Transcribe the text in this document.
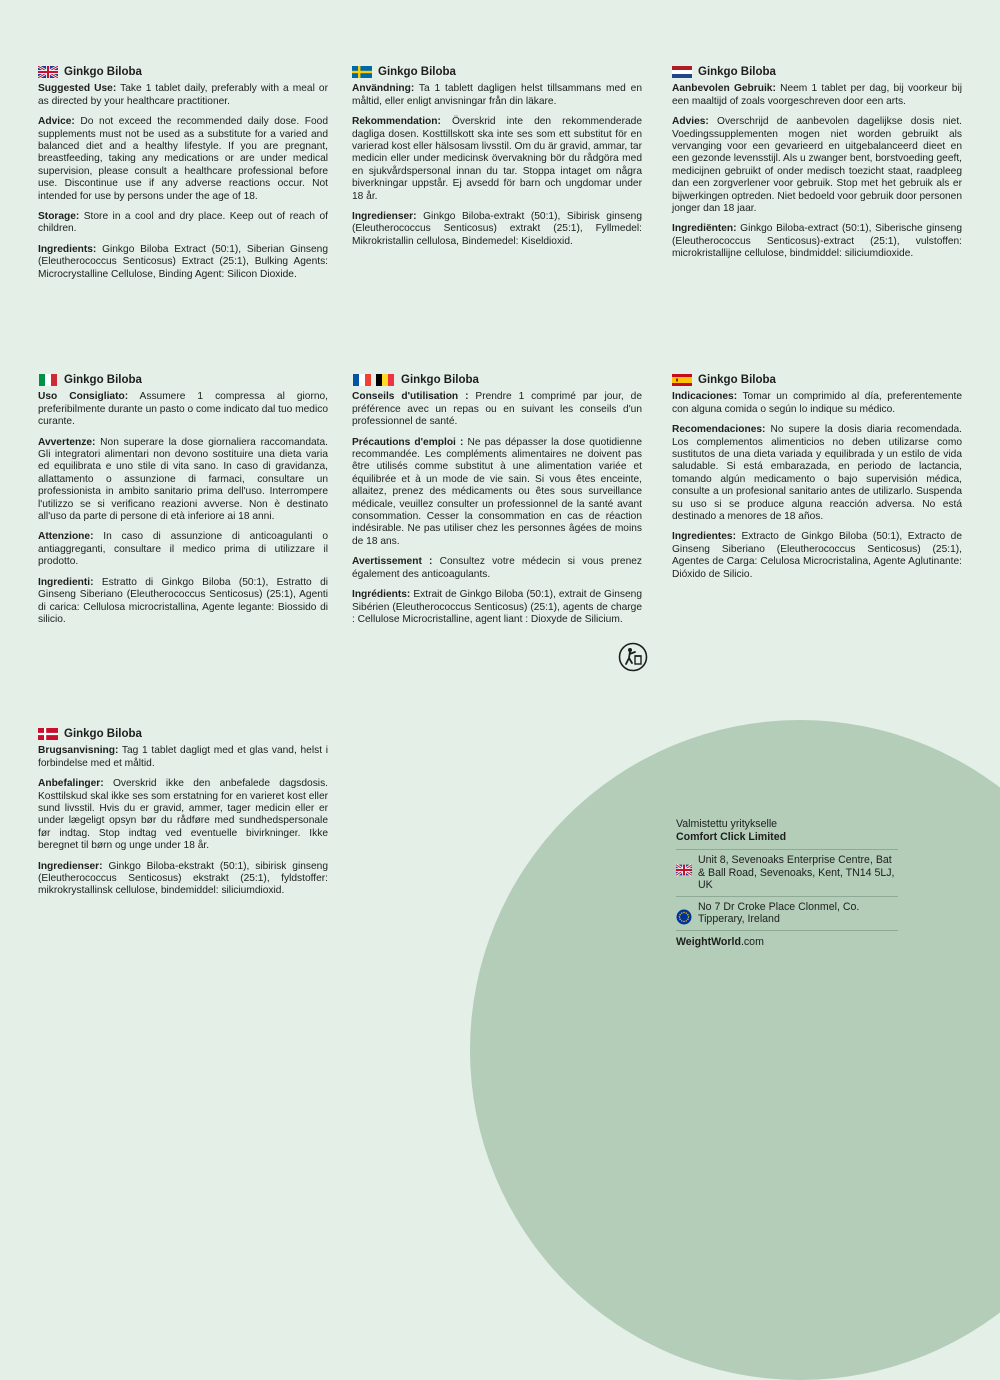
Ginkgo Biloba

Suggested Use: Take 1 tablet daily, preferably with a meal or as directed by your healthcare practitioner.

Advice: Do not exceed the recommended daily dose. Food supplements must not be used as a substitute for a varied and balanced diet and a healthy lifestyle. If you are pregnant, breastfeeding, taking any medications or are under medical supervision, please consult a healthcare professional before use. Discontinue use if any adverse reactions occur. Not intended for use by persons under the age of 18.

Storage: Store in a cool and dry place. Keep out of reach of children.

Ingredients: Ginkgo Biloba Extract (50:1), Siberian Ginseng (Eleutherococcus Senticosus) Extract (25:1), Bulking Agents: Microcrystalline Cellulose, Binding Agent: Silicon Dioxide.

Ginkgo Biloba

Användning: Ta 1 tablett dagligen helst tillsammans med en måltid, eller enligt anvisningar från din läkare.

Rekommendation: Överskrid inte den rekommenderade dagliga dosen. Kosttillskott ska inte ses som ett substitut för en varierad kost eller hälsosam livsstil. Om du är gravid, ammar, tar medicin eller under medicinsk övervakning bör du rådgöra med en sjukvårdspersonal innan du tar. Stoppa intaget om några biverkningar uppstår. Ej avsedd för barn och ungdomar under 18 år.

Ingredienser: Ginkgo Biloba-extrakt (50:1), Sibirisk ginseng (Eleutherococcus Senticosus) extrakt (25:1), Fyllmedel: Mikrokristallin cellulosa, Bindemedel: Kiseldioxid.

Ginkgo Biloba

Aanbevolen Gebruik: Neem 1 tablet per dag, bij voorkeur bij een maaltijd of zoals voorgeschreven door een arts.

Advies: Overschrijd de aanbevolen dagelijkse dosis niet. Voedingssupplementen mogen niet worden gebruikt als vervanging voor een gevarieerd en uitgebalanceerd dieet en een gezonde levensstijl. Als u zwanger bent, borstvoeding geeft, medicijnen gebruikt of onder medisch toezicht staat, raadpleeg dan een zorgverlener voor gebruik. Stop met het gebruik als er bijwerkingen optreden. Niet bedoeld voor gebruik door personen jonger dan 18 jaar.

Ingrediënten: Ginkgo Biloba-extract (50:1), Siberische ginseng (Eleutherococcus Senticosus)-extract (25:1), vulstoffen: microkristallijne cellulose, bindmiddel: siliciumdioxide.

Ginkgo Biloba

Uso Consigliato: Assumere 1 compressa al giorno, preferibilmente durante un pasto o come indicato dal tuo medico curante.

Avvertenze: Non superare la dose giornaliera raccomandata. Gli integratori alimentari non devono sostituire una dieta varia ed equilibrata e uno stile di vita sano. In caso di gravidanza, allattamento o assunzione di farmaci, consultare un professionista in ambito sanitario prima dell'uso. Interrompere l'utilizzo se si verificano reazioni avverse. Non è destinato all'uso da parte di persone di età inferiore ai 18 anni.

Attenzione: In caso di assunzione di anticoagulanti o antiaggreganti, consultare il medico prima di utilizzare il prodotto.

Ingredienti: Estratto di Ginkgo Biloba (50:1), Estratto di Ginseng Siberiano (Eleutherococcus Senticosus) (25:1), Agenti di carica: Cellulosa microcristallina, Agente legante: Biossido di silicio.

Ginkgo Biloba

Conseils d'utilisation : Prendre 1 comprimé par jour, de préférence avec un repas ou en suivant les conseils d'un professionnel de santé.

Précautions d'emploi : Ne pas dépasser la dose quotidienne recommandée. Les compléments alimentaires ne doivent pas être utilisés comme substitut à une alimentation variée et équilibrée et à un mode de vie sain. Si vous êtes enceinte, allaitez, prenez des médicaments ou êtes sous surveillance médicale, veuillez consulter un professionnel de la santé avant consommation. Cesser la consommation en cas de réaction indésirable. Ne pas utiliser chez les personnes âgées de moins de 18 ans.

Avertissement : Consultez votre médecin si vous prenez également des anticoagulants.

Ingrédients: Extrait de Ginkgo Biloba (50:1), extrait de Ginseng Sibérien (Eleutherococcus Senticosus) (25:1), agents de charge : Cellulose Microcristalline, agent liant : Dioxyde de Silicium.

Ginkgo Biloba

Indicaciones: Tomar un comprimido al día, preferentemente con alguna comida o según lo indique su médico.

Recomendaciones: No supere la dosis diaria recomendada. Los complementos alimenticios no deben utilizarse como sustitutos de una dieta variada y equilibrada y un estilo de vida saludable. Si está embarazada, en periodo de lactancia, tomando algún medicamento o bajo supervisión médica, consulte a un profesional sanitario antes de utilizarlo. Suspenda su uso si se produce alguna reacción adversa. No está destinado a menores de 18 años.

Ingredientes: Extracto de Ginkgo Biloba (50:1), Extracto de Ginseng Siberiano (Eleutherococcus Senticosus) (25:1), Agentes de Carga: Celulosa Microcristalina, Agente Aglutinante: Dióxido de Silicio.

Ginkgo Biloba

Brugsanvisning: Tag 1 tablet dagligt med et glas vand, helst i forbindelse med et måltid.

Anbefalinger: Overskrid ikke den anbefalede dagsdosis. Kosttilskud skal ikke ses som erstatning for en varieret kost eller sund livsstil. Hvis du er gravid, ammer, tager medicin eller er under lægeligt opsyn bør du rådføre med sundhedspersonale før indtag. Stop indtag ved eventuelle bivirkninger. Ikke beregnet til børn og unge under 18 år.

Ingredienser: Ginkgo Biloba-ekstrakt (50:1), sibirisk ginseng (Eleutherococcus Senticosus) ekstrakt (25:1), fyldstoffer: mikrokrystallinsk cellulose, bindemiddel: siliciumdioxid.

Valmistettu yritykselle
Comfort Click Limited
Unit 8, Sevenoaks Enterprise Centre, Bat & Ball Road, Sevenoaks, Kent, TN14 5LJ, UK
No 7 Dr Croke Place Clonmel, Co. Tipperary, Ireland
WeightWorld.com
